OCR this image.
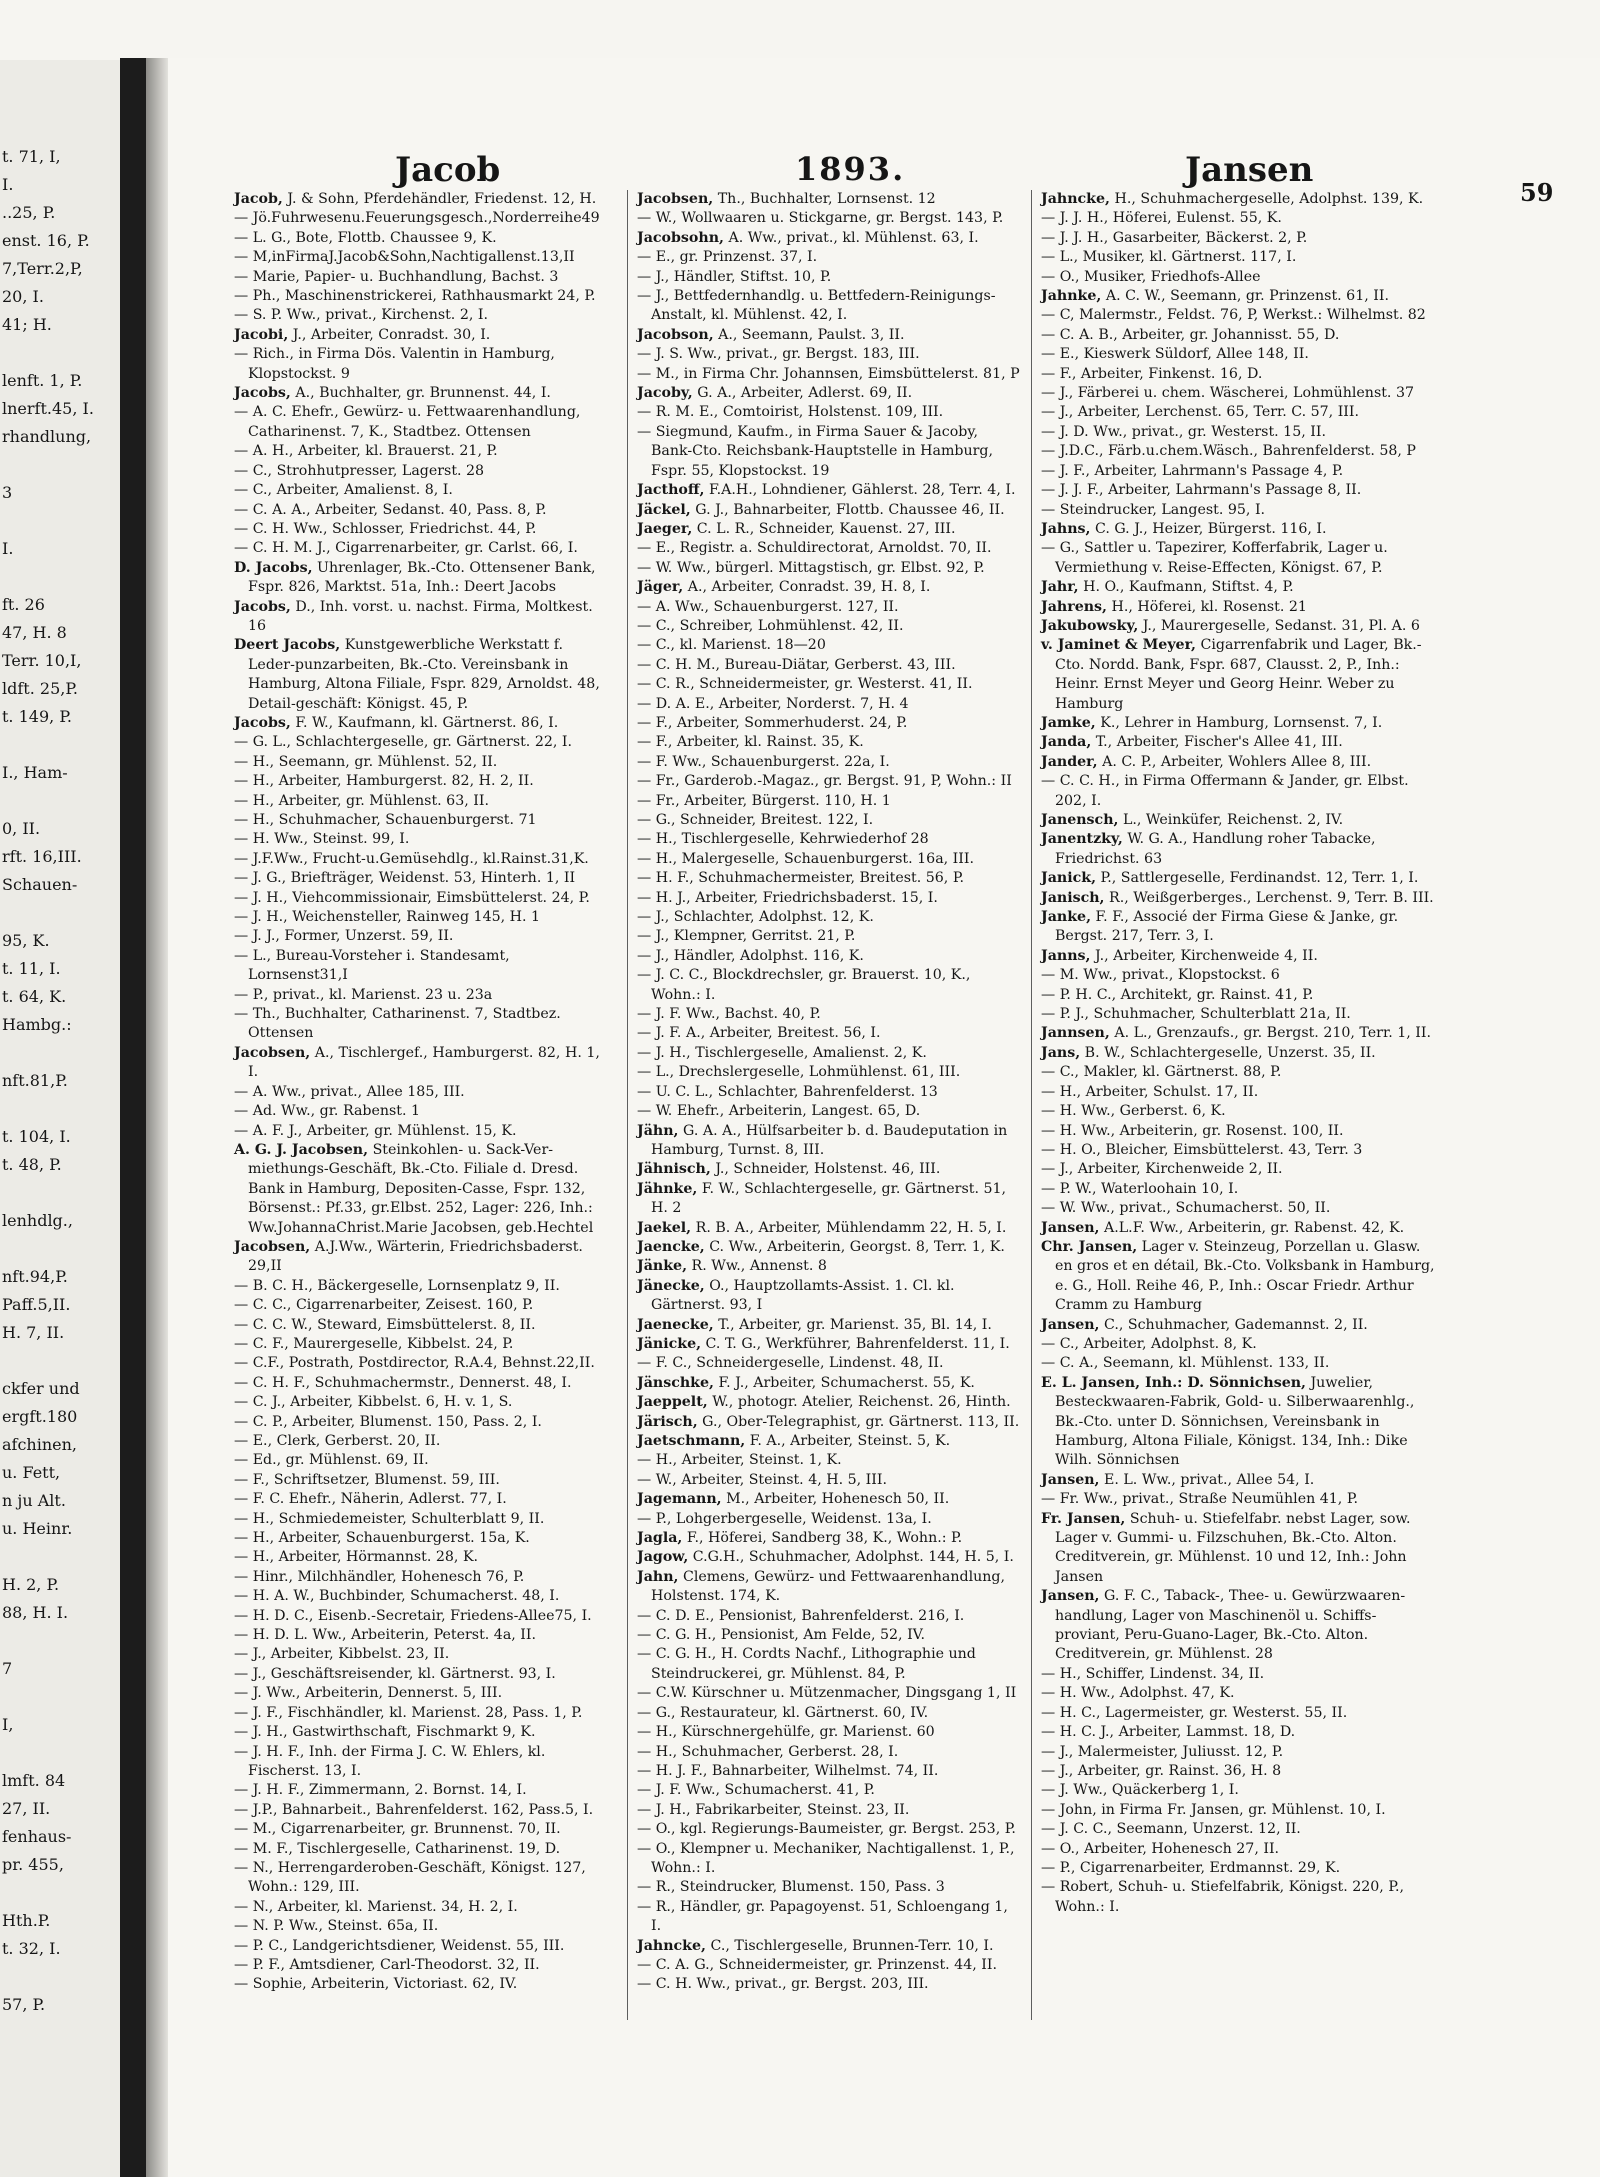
t. 71, I,
I.
..25, P.
enst. 16, P.
7,Terr.2,P,
20, I.
41; H.
lenft. 1, P.
lnerft.45, I.
rhandlung,
3
I.
ft. 26
47, H. 8
Terr. 10,I,
ldft. 25,P.
t. 149, P.
I., Ham-
0, II.
rft. 16,III.
Schauen-
95, K.
t. 11, I.
t. 64, K.
Hambg.:
nft.81,P.
t. 104, I.
t. 48, P.
lenhdlg.,
nft.94,P.
Paff.5,II.
H. 7, II.
ckfer und
ergft.180
afchinen,
u. Fett,
n ju Alt.
u. Heinr.
H. 2, P.
88, H. I.
7
I,
lmft. 84
27, II.
fenhaus-
pr. 455,
Hth.P.
t. 32, I.
57, P.
Jacob	1893.	Jansen
59

Jacob, J. & Sohn, Pferdehändler, Friedenst. 12, H.

— Jö.Fuhrwesenu.Feuerungsgesch.,Norderreihe49

— L. G., Bote, Flottb. Chaussee 9, K.

— M,inFirmaJ.Jacob&Sohn,Nachtigallenst.13,II

— Marie, Papier- u. Buchhandlung, Bachst. 3

— Ph., Maschinenstrickerei, Rathhausmarkt 24, P.

— S. P. Ww., privat., Kirchenst. 2, I.

Jacobi, J., Arbeiter, Conradst. 30, I.

— Rich., in Firma Dös. Valentin in Hamburg, Klopstockst. 9

Jacobs, A., Buchhalter, gr. Brunnenst. 44, I.

— A. C. Ehefr., Gewürz- u. Fettwaarenhandlung, Catharinenst. 7, K., Stadtbez. Ottensen

— A. H., Arbeiter, kl. Brauerst. 21, P.

— C., Strohhutpresser, Lagerst. 28

— C., Arbeiter, Amalienst. 8, I.

— C. A. A., Arbeiter, Sedanst. 40, Pass. 8, P.

— C. H. Ww., Schlosser, Friedrichst. 44, P.

— C. H. M. J., Cigarrenarbeiter, gr. Carlst. 66, I.

D. Jacobs, Uhrenlager, Bk.-Cto. Ottensener Bank, Fspr. 826, Marktst. 51a, Inh.: Deert Jacobs

Jacobs, D., Inh. vorst. u. nachst. Firma, Moltkest. 16

Deert Jacobs, Kunstgewerbliche Werkstatt f. Leder-punzarbeiten, Bk.-Cto. Vereinsbank in Hamburg, Altona Filiale, Fspr. 829, Arnoldst. 48, Detail-geschäft: Königst. 45, P.

Jacobs, F. W., Kaufmann, kl. Gärtnerst. 86, I.

— G. L., Schlachtergeselle, gr. Gärtnerst. 22, I.

— H., Seemann, gr. Mühlenst. 52, II.

— H., Arbeiter, Hamburgerst. 82, H. 2, II.

— H., Arbeiter, gr. Mühlenst. 63, II.

— H., Schuhmacher, Schauenburgerst. 71

— H. Ww., Steinst. 99, I.

— J.F.Ww., Frucht-u.Gemüsehdlg., kl.Rainst.31,K.

— J. G., Briefträger, Weidenst. 53, Hinterh. 1, II

— J. H., Viehcommissionair, Eimsbüttelerst. 24, P.

— J. H., Weichensteller, Rainweg 145, H. 1

— J. J., Former, Unzerst. 59, II.

— L., Bureau-Vorsteher i. Standesamt, Lornsenst31,I

— P., privat., kl. Marienst. 23 u. 23a

— Th., Buchhalter, Catharinenst. 7, Stadtbez. Ottensen

Jacobsen, A., Tischlergef., Hamburgerst. 82, H. 1, I.

— A. Ww., privat., Allee 185, III.

— Ad. Ww., gr. Rabenst. 1

— A. F. J., Arbeiter, gr. Mühlenst. 15, K.

A. G. J. Jacobsen, Steinkohlen- u. Sack-Ver-miethungs-Geschäft, Bk.-Cto. Filiale d. Dresd. Bank in Hamburg, Depositen-Casse, Fspr. 132, Börsenst.: Pf.33, gr.Elbst. 252, Lager: 226, Inh.: Ww.JohannaChrist.Marie Jacobsen, geb.Hechtel

Jacobsen, A.J.Ww., Wärterin, Friedrichsbaderst. 29,II

— B. C. H., Bäckergeselle, Lornsenplatz 9, II.

— C. C., Cigarrenarbeiter, Zeisest. 160, P.

— C. C. W., Steward, Eimsbüttelerst. 8, II.

— C. F., Maurergeselle, Kibbelst. 24, P.

— C.F., Postrath, Postdirector, R.A.4, Behnst.22,II.

— C. H. F., Schuhmachermstr., Dennerst. 48, I.

— C. J., Arbeiter, Kibbelst. 6, H. v. 1, S.

— C. P., Arbeiter, Blumenst. 150, Pass. 2, I.

— E., Clerk, Gerberst. 20, II.

— Ed., gr. Mühlenst. 69, II.

— F., Schriftsetzer, Blumenst. 59, III.

— F. C. Ehefr., Näherin, Adlerst. 77, I.

— H., Schmiedemeister, Schulterblatt 9, II.

— H., Arbeiter, Schauenburgerst. 15a, K.

— H., Arbeiter, Hörmannst. 28, K.

— Hinr., Milchhändler, Hohenesch 76, P.

— H. A. W., Buchbinder, Schumacherst. 48, I.

— H. D. C., Eisenb.-Secretair, Friedens-Allee75, I.

— H. D. L. Ww., Arbeiterin, Peterst. 4a, II.

— J., Arbeiter, Kibbelst. 23, II.

— J., Geschäftsreisender, kl. Gärtnerst. 93, I.

— J. Ww., Arbeiterin, Dennerst. 5, III.

— J. F., Fischhändler, kl. Marienst. 28, Pass. 1, P.

— J. H., Gastwirthschaft, Fischmarkt 9, K.

— J. H. F., Inh. der Firma J. C. W. Ehlers, kl. Fischerst. 13, I.

— J. H. F., Zimmermann, 2. Bornst. 14, I.

— J.P., Bahnarbeit., Bahrenfelderst. 162, Pass.5, I.

— M., Cigarrenarbeiter, gr. Brunnenst. 70, II.

— M. F., Tischlergeselle, Catharinenst. 19, D.

— N., Herrengarderoben-Geschäft, Königst. 127, Wohn.: 129, III.

— N., Arbeiter, kl. Marienst. 34, H. 2, I.

— N. P. Ww., Steinst. 65a, II.

— P. C., Landgerichtsdiener, Weidenst. 55, III.

— P. F., Amtsdiener, Carl-Theodorst. 32, II.

— Sophie, Arbeiterin, Victoriast. 62, IV.

Jacobsen, Th., Buchhalter, Lornsenst. 12

— W., Wollwaaren u. Stickgarne, gr. Bergst. 143, P.

Jacobsohn, A. Ww., privat., kl. Mühlenst. 63, I.

— E., gr. Prinzenst. 37, I.

— J., Händler, Stiftst. 10, P.

— J., Bettfedernhandlg. u. Bettfedern-Reinigungs-Anstalt, kl. Mühlenst. 42, I.

Jacobson, A., Seemann, Paulst. 3, II.

— J. S. Ww., privat., gr. Bergst. 183, III.

— M., in Firma Chr. Johannsen, Eimsbüttelerst. 81, P

Jacoby, G. A., Arbeiter, Adlerst. 69, II.

— R. M. E., Comtoirist, Holstenst. 109, III.

— Siegmund, Kaufm., in Firma Sauer & Jacoby, Bank-Cto. Reichsbank-Hauptstelle in Hamburg, Fspr. 55, Klopstockst. 19

Jacthoff, F.A.H., Lohndiener, Gählerst. 28, Terr. 4, I.

Jäckel, G. J., Bahnarbeiter, Flottb. Chaussee 46, II.

Jaeger, C. L. R., Schneider, Kauenst. 27, III.

— E., Registr. a. Schuldirectorat, Arnoldst. 70, II.

— W. Ww., bürgerl. Mittagstisch, gr. Elbst. 92, P.

Jäger, A., Arbeiter, Conradst. 39, H. 8, I.

— A. Ww., Schauenburgerst. 127, II.

— C., Schreiber, Lohmühlenst. 42, II.

— C., kl. Marienst. 18—20

— C. H. M., Bureau-Diätar, Gerberst. 43, III.

— C. R., Schneidermeister, gr. Westerst. 41, II.

— D. A. E., Arbeiter, Norderst. 7, H. 4

— F., Arbeiter, Sommerhuderst. 24, P.

— F., Arbeiter, kl. Rainst. 35, K.

— F. Ww., Schauenburgerst. 22a, I.

— Fr., Garderob.-Magaz., gr. Bergst. 91, P, Wohn.: II

— Fr., Arbeiter, Bürgerst. 110, H. 1

— G., Schneider, Breitest. 122, I.

— H., Tischlergeselle, Kehrwiederhof 28

— H., Malergeselle, Schauenburgerst. 16a, III.

— H. F., Schuhmachermeister, Breitest. 56, P.

— H. J., Arbeiter, Friedrichsbaderst. 15, I.

— J., Schlachter, Adolphst. 12, K.

— J., Klempner, Gerritst. 21, P.

— J., Händler, Adolphst. 116, K.

— J. C. C., Blockdrechsler, gr. Brauerst. 10, K., Wohn.: I.

— J. F. Ww., Bachst. 40, P.

— J. F. A., Arbeiter, Breitest. 56, I.

— J. H., Tischlergeselle, Amalienst. 2, K.

— L., Drechslergeselle, Lohmühlenst. 61, III.

— U. C. L., Schlachter, Bahrenfelderst. 13

— W. Ehefr., Arbeiterin, Langest. 65, D.

Jähn, G. A. A., Hülfsarbeiter b. d. Baudeputation in Hamburg, Turnst. 8, III.

Jähnisch, J., Schneider, Holstenst. 46, III.

Jähnke, F. W., Schlachtergeselle, gr. Gärtnerst. 51, H. 2

Jaekel, R. B. A., Arbeiter, Mühlendamm 22, H. 5, I.

Jaencke, C. Ww., Arbeiterin, Georgst. 8, Terr. 1, K.

Jänke, R. Ww., Annenst. 8

Jänecke, O., Hauptzollamts-Assist. 1. Cl. kl. Gärtnerst. 93, I

Jaenecke, T., Arbeiter, gr. Marienst. 35, Bl. 14, I.

Jänicke, C. T. G., Werkführer, Bahrenfelderst. 11, I.

— F. C., Schneidergeselle, Lindenst. 48, II.

Jänschke, F. J., Arbeiter, Schumacherst. 55, K.

Jaeppelt, W., photogr. Atelier, Reichenst. 26, Hinth.

Järisch, G., Ober-Telegraphist, gr. Gärtnerst. 113, II.

Jaetschmann, F. A., Arbeiter, Steinst. 5, K.

— H., Arbeiter, Steinst. 1, K.

— W., Arbeiter, Steinst. 4, H. 5, III.

Jagemann, M., Arbeiter, Hohenesch 50, II.

— P., Lohgerbergeselle, Weidenst. 13a, I.

Jagla, F., Höferei, Sandberg 38, K., Wohn.: P.

Jagow, C.G.H., Schuhmacher, Adolphst. 144, H. 5, I.

Jahn, Clemens, Gewürz- und Fettwaarenhandlung, Holstenst. 174, K.

— C. D. E., Pensionist, Bahrenfelderst. 216, I.

— C. G. H., Pensionist, Am Felde, 52, IV.

— C. G. H., H. Cordts Nachf., Lithographie und Steindruckerei, gr. Mühlenst. 84, P.

— C.W. Kürschner u. Mützenmacher, Dingsgang 1, II

— G., Restaurateur, kl. Gärtnerst. 60, IV.

— H., Kürschnergehülfe, gr. Marienst. 60

— H., Schuhmacher, Gerberst. 28, I.

— H. J. F., Bahnarbeiter, Wilhelmst. 74, II.

— J. F. Ww., Schumacherst. 41, P.

— J. H., Fabrikarbeiter, Steinst. 23, II.

— O., kgl. Regierungs-Baumeister, gr. Bergst. 253, P.

— O., Klempner u. Mechaniker, Nachtigallenst. 1, P., Wohn.: I.

— R., Steindrucker, Blumenst. 150, Pass. 3

— R., Händler, gr. Papagoyenst. 51, Schloengang 1, I.

Jahncke, C., Tischlergeselle, Brunnen-Terr. 10, I.

— C. A. G., Schneidermeister, gr. Prinzenst. 44, II.

— C. H. Ww., privat., gr. Bergst. 203, III.

Jahncke, H., Schuhmachergeselle, Adolphst. 139, K.

— J. J. H., Höferei, Eulenst. 55, K.

— J. J. H., Gasarbeiter, Bäckerst. 2, P.

— L., Musiker, kl. Gärtnerst. 117, I.

— O., Musiker, Friedhofs-Allee

Jahnke, A. C. W., Seemann, gr. Prinzenst. 61, II.

— C, Malermstr., Feldst. 76, P, Werkst.: Wilhelmst. 82

— C. A. B., Arbeiter, gr. Johannisst. 55, D.

— E., Kieswerk Süldorf, Allee 148, II.

— F., Arbeiter, Finkenst. 16, D.

— J., Färberei u. chem. Wäscherei, Lohmühlenst. 37

— J., Arbeiter, Lerchenst. 65, Terr. C. 57, III.

— J. D. Ww., privat., gr. Westerst. 15, II.

— J.D.C., Färb.u.chem.Wäsch., Bahrenfelderst. 58, P

— J. F., Arbeiter, Lahrmann's Passage 4, P.

— J. J. F., Arbeiter, Lahrmann's Passage 8, II.

— Steindrucker, Langest. 95, I.

Jahns, C. G. J., Heizer, Bürgerst. 116, I.

— G., Sattler u. Tapezirer, Kofferfabrik, Lager u. Vermiethung v. Reise-Effecten, Königst. 67, P.

Jahr, H. O., Kaufmann, Stiftst. 4, P.

Jahrens, H., Höferei, kl. Rosenst. 21

Jakubowsky, J., Maurergeselle, Sedanst. 31, Pl. A. 6

v. Jaminet & Meyer, Cigarrenfabrik und Lager, Bk.-Cto. Nordd. Bank, Fspr. 687, Clausst. 2, P., Inh.: Heinr. Ernst Meyer und Georg Heinr. Weber zu Hamburg

Jamke, K., Lehrer in Hamburg, Lornsenst. 7, I.

Janda, T., Arbeiter, Fischer's Allee 41, III.

Jander, A. C. P., Arbeiter, Wohlers Allee 8, III.

— C. C. H., in Firma Offermann & Jander, gr. Elbst. 202, I.

Janensch, L., Weinküfer, Reichenst. 2, IV.

Janentzky, W. G. A., Handlung roher Tabacke, Friedrichst. 63

Janick, P., Sattlergeselle, Ferdinandst. 12, Terr. 1, I.

Janisch, R., Weißgerberges., Lerchenst. 9, Terr. B. III.

Janke, F. F., Associé der Firma Giese & Janke, gr. Bergst. 217, Terr. 3, I.

Janns, J., Arbeiter, Kirchenweide 4, II.

— M. Ww., privat., Klopstockst. 6

— P. H. C., Architekt, gr. Rainst. 41, P.

— P. J., Schuhmacher, Schulterblatt 21a, II.

Jannsen, A. L., Grenzaufs., gr. Bergst. 210, Terr. 1, II.

Jans, B. W., Schlachtergeselle, Unzerst. 35, II.

— C., Makler, kl. Gärtnerst. 88, P.

— H., Arbeiter, Schulst. 17, II.

— H. Ww., Gerberst. 6, K.

— H. Ww., Arbeiterin, gr. Rosenst. 100, II.

— H. O., Bleicher, Eimsbüttelerst. 43, Terr. 3

— J., Arbeiter, Kirchenweide 2, II.

— P. W., Waterloohain 10, I.

— W. Ww., privat., Schumacherst. 50, II.

Jansen, A.L.F. Ww., Arbeiterin, gr. Rabenst. 42, K.

Chr. Jansen, Lager v. Steinzeug, Porzellan u. Glasw. en gros et en détail, Bk.-Cto. Volksbank in Hamburg, e. G., Holl. Reihe 46, P., Inh.: Oscar Friedr. Arthur Cramm zu Hamburg

Jansen, C., Schuhmacher, Gademannst. 2, II.

— C., Arbeiter, Adolphst. 8, K.

— C. A., Seemann, kl. Mühlenst. 133, II.

E. L. Jansen, Inh.: D. Sönnichsen, Juwelier, Besteckwaaren-Fabrik, Gold- u. Silberwaarenhlg., Bk.-Cto. unter D. Sönnichsen, Vereinsbank in Hamburg, Altona Filiale, Königst. 134, Inh.: Dike Wilh. Sönnichsen

Jansen, E. L. Ww., privat., Allee 54, I.

— Fr. Ww., privat., Straße Neumühlen 41, P.

Fr. Jansen, Schuh- u. Stiefelfabr. nebst Lager, sow. Lager v. Gummi- u. Filzschuhen, Bk.-Cto. Alton. Creditverein, gr. Mühlenst. 10 und 12, Inh.: John Jansen

Jansen, G. F. C., Taback-, Thee- u. Gewürzwaaren-handlung, Lager von Maschinenöl u. Schiffs-proviant, Peru-Guano-Lager, Bk.-Cto. Alton. Creditverein, gr. Mühlenst. 28

— H., Schiffer, Lindenst. 34, II.

— H. Ww., Adolphst. 47, K.

— H. C., Lagermeister, gr. Westerst. 55, II.

— H. C. J., Arbeiter, Lammst. 18, D.

— J., Malermeister, Juliusst. 12, P.

— J., Arbeiter, gr. Rainst. 36, H. 8

— J. Ww., Quäckerberg 1, I.

— John, in Firma Fr. Jansen, gr. Mühlenst. 10, I.

— J. C. C., Seemann, Unzerst. 12, II.

— O., Arbeiter, Hohenesch 27, II.

— P., Cigarrenarbeiter, Erdmannst. 29, K.

— Robert, Schuh- u. Stiefelfabrik, Königst. 220, P., Wohn.: I.
